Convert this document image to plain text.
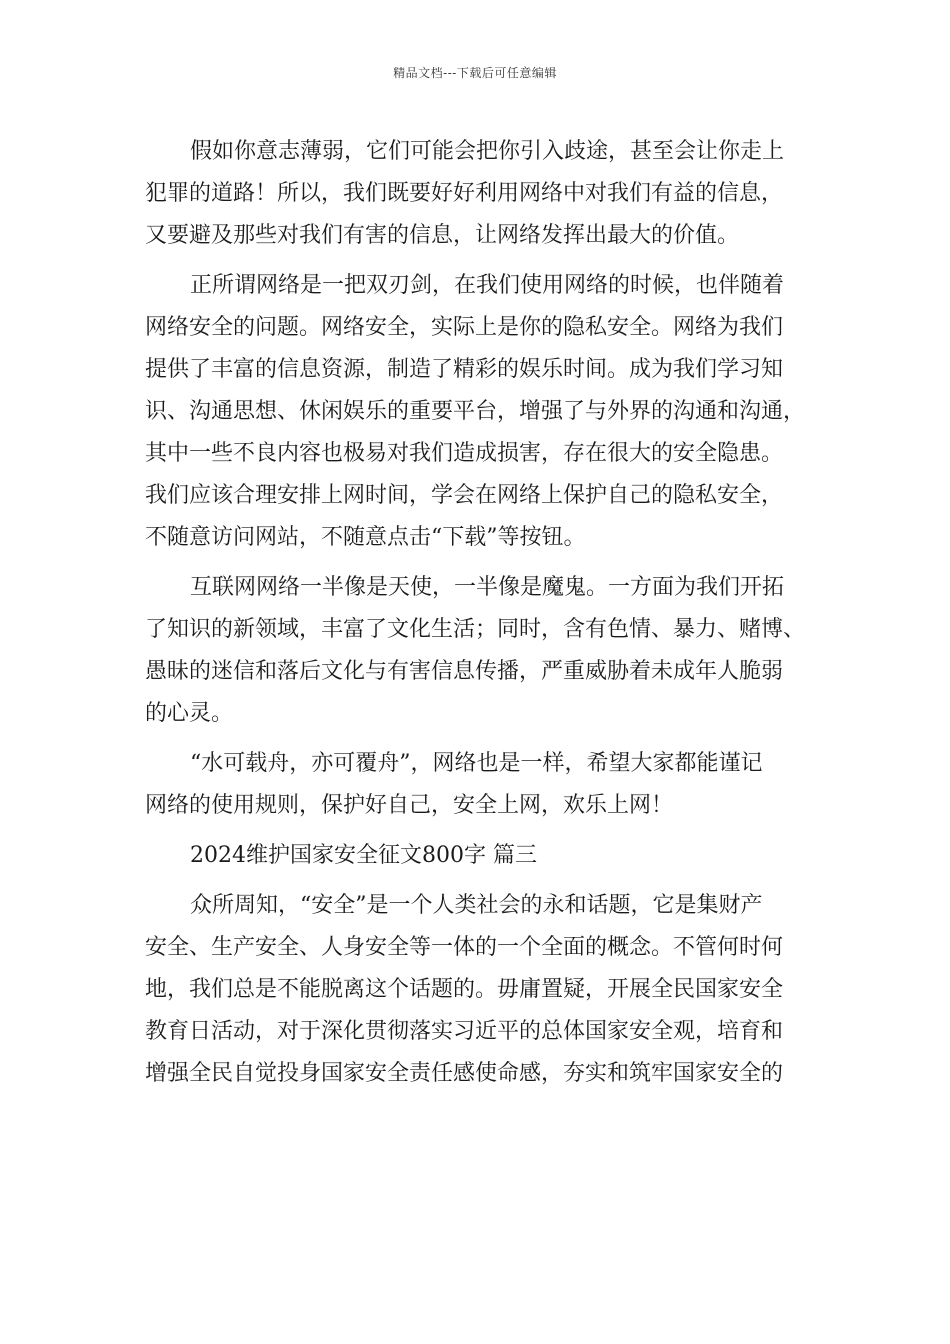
精品文档---下载后可任意编辑

假如你意志薄弱，它们可能会把你引入歧途，甚至会让你走上
犯罪的道路！所以，我们既要好好利用网络中对我们有益的信息，
又要避及那些对我们有害的信息，让网络发挥出最大的价值。

正所谓网络是一把双刃剑，在我们使用网络的时候，也伴随着
网络安全的问题。网络安全，实际上是你的隐私安全。网络为我们
提供了丰富的信息资源，制造了精彩的娱乐时间。成为我们学习知
识、沟通思想、休闲娱乐的重要平台，增强了与外界的沟通和沟通，
其中一些不良内容也极易对我们造成损害，存在很大的安全隐患。
我们应该合理安排上网时间，学会在网络上保护自己的隐私安全，
不随意访问网站，不随意点击“下载”等按钮。

互联网网络一半像是天使，一半像是魔鬼。一方面为我们开拓
了知识的新领域，丰富了文化生活；同时，含有色情、暴力、赌博、
愚昧的迷信和落后文化与有害信息传播，严重威胁着未成年人脆弱
的心灵。

“水可载舟，亦可覆舟”，网络也是一样，希望大家都能谨记
网络的使用规则，保护好自己，安全上网，欢乐上网！

2024维护国家安全征文800字 篇三

众所周知，“安全”是一个人类社会的永和话题，它是集财产
安全、生产安全、人身安全等一体的一个全面的概念。不管何时何
地，我们总是不能脱离这个话题的。毋庸置疑，开展全民国家安全
教育日活动，对于深化贯彻落实习近平的总体国家安全观，培育和
增强全民自觉投身国家安全责任感使命感，夯实和筑牢国家安全的
